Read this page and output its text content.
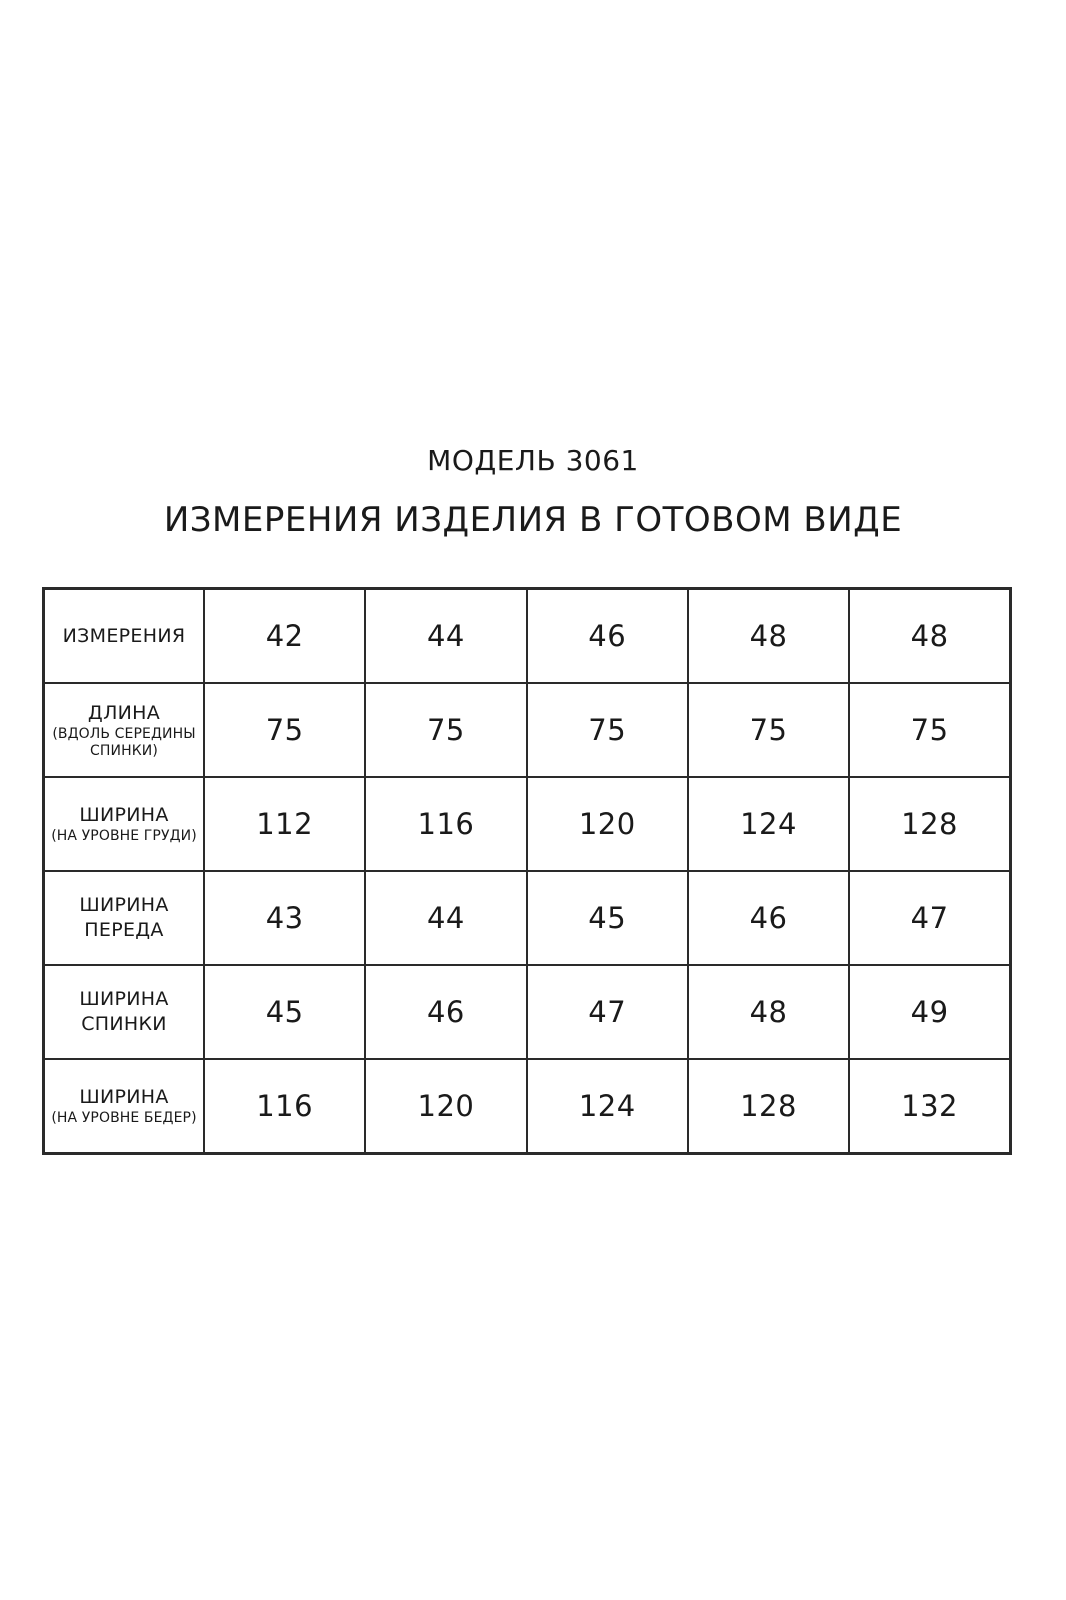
МОДЕЛЬ 3061
ИЗМЕРЕНИЯ ИЗДЕЛИЯ В ГОТОВОМ ВИДЕ
ИЗМЕРЕНИЯ	42	44	46	48	48

ДЛИНА
(ВДОЛЬ СЕРЕДИНЫ СПИНКИ)	75	75	75	75	75

ШИРИНА
(НА УРОВНЕ ГРУДИ)	112	116	120	124	128

ШИРИНА ПЕРЕДА	43	44	45	46	47

ШИРИНА СПИНКИ	45	46	47	48	49

ШИРИНА
(НА УРОВНЕ БЕДЕР)	116	120	124	128	132
